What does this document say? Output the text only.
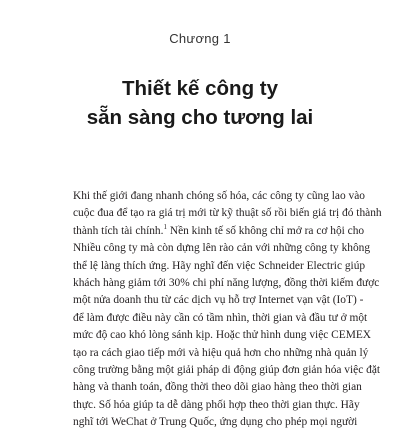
Chương 1
Thiết kế công ty
sẵn sàng cho tương lai
Khi thế giới đang nhanh chóng số hóa, các công ty cũng lao vào
cuộc đua để tạo ra giá trị mới từ kỹ thuật số rồi biến giá trị đó thành
thành tích tài chính.$^1$ Nền kinh tế số không chỉ mở ra cơ hội cho
Nhiều công ty mà còn dựng lên rào cản với những công ty không
thể lệ làng thích ứng. Hãy nghĩ đến việc Schneider Electric giúp
khách hàng giảm tới 30% chi phí năng lượng, đồng thời kiếm được
một nửa doanh thu từ các dịch vụ hỗ trợ Internet vạn vật (IoT) -
để làm được điều này cần có tầm nhìn, thời gian và đầu tư ở một
mức độ cao khó lòng sánh kịp. Hoặc thử hình dung việc CEMEX
tạo ra cách giao tiếp mới và hiệu quả hơn cho những nhà quản lý
công trường bằng một giải pháp di động giúp đơn giản hóa việc đặt
hàng và thanh toán, đồng thời theo dõi giao hàng theo thời gian
thực. Số hóa giúp ta dễ dàng phối hợp theo thời gian thực. Hãy
nghĩ tới WeChat ở Trung Quốc, ứng dụng cho phép mọi người
